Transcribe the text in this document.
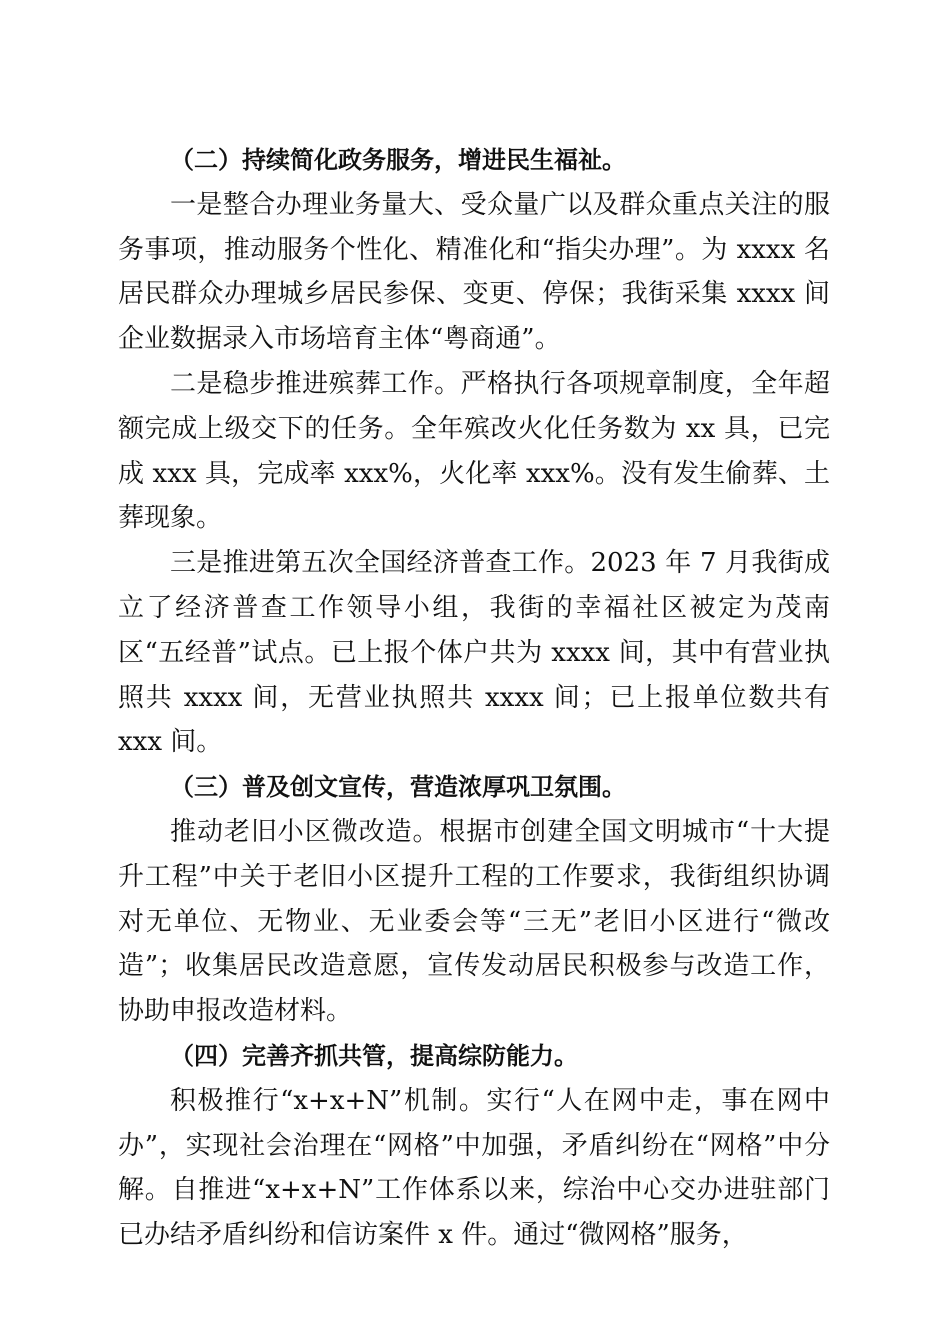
（二）持续简化政务服务，增进民生福祉。

一是整合办理业务量大、受众量广以及群众重点关注的服务事项，推动服务个性化、精准化和“指尖办理”。为 xxxx 名居民群众办理城乡居民参保、变更、停保；我街采集 xxxx 间企业数据录入市场培育主体“粤商通”。

二是稳步推进殡葬工作。严格执行各项规章制度，全年超额完成上级交下的任务。全年殡改火化任务数为 xx 具，已完成 xxx 具，完成率 xxx%，火化率 xxx%。没有发生偷葬、土葬现象。

三是推进第五次全国经济普查工作。2023 年 7 月我街成立了经济普查工作领导小组，我街的幸福社区被定为茂南区“五经普”试点。已上报个体户共为 xxxx 间，其中有营业执照共 xxxx 间，无营业执照共 xxxx 间；已上报单位数共有 xxx 间。

（三）普及创文宣传，营造浓厚巩卫氛围。

推动老旧小区微改造。根据市创建全国文明城市“十大提升工程”中关于老旧小区提升工程的工作要求，我街组织协调对无单位、无物业、无业委会等“三无”老旧小区进行“微改造”；收集居民改造意愿，宣传发动居民积极参与改造工作，协助申报改造材料。

（四）完善齐抓共管，提高综防能力。

积极推行“x+x+N”机制。实行“人在网中走，事在网中办”，实现社会治理在“网格”中加强，矛盾纠纷在“网格”中分解。自推进“x+x+N”工作体系以来，综治中心交办进驻部门已办结矛盾纠纷和信访案件 x 件。通过“微网格”服务，
